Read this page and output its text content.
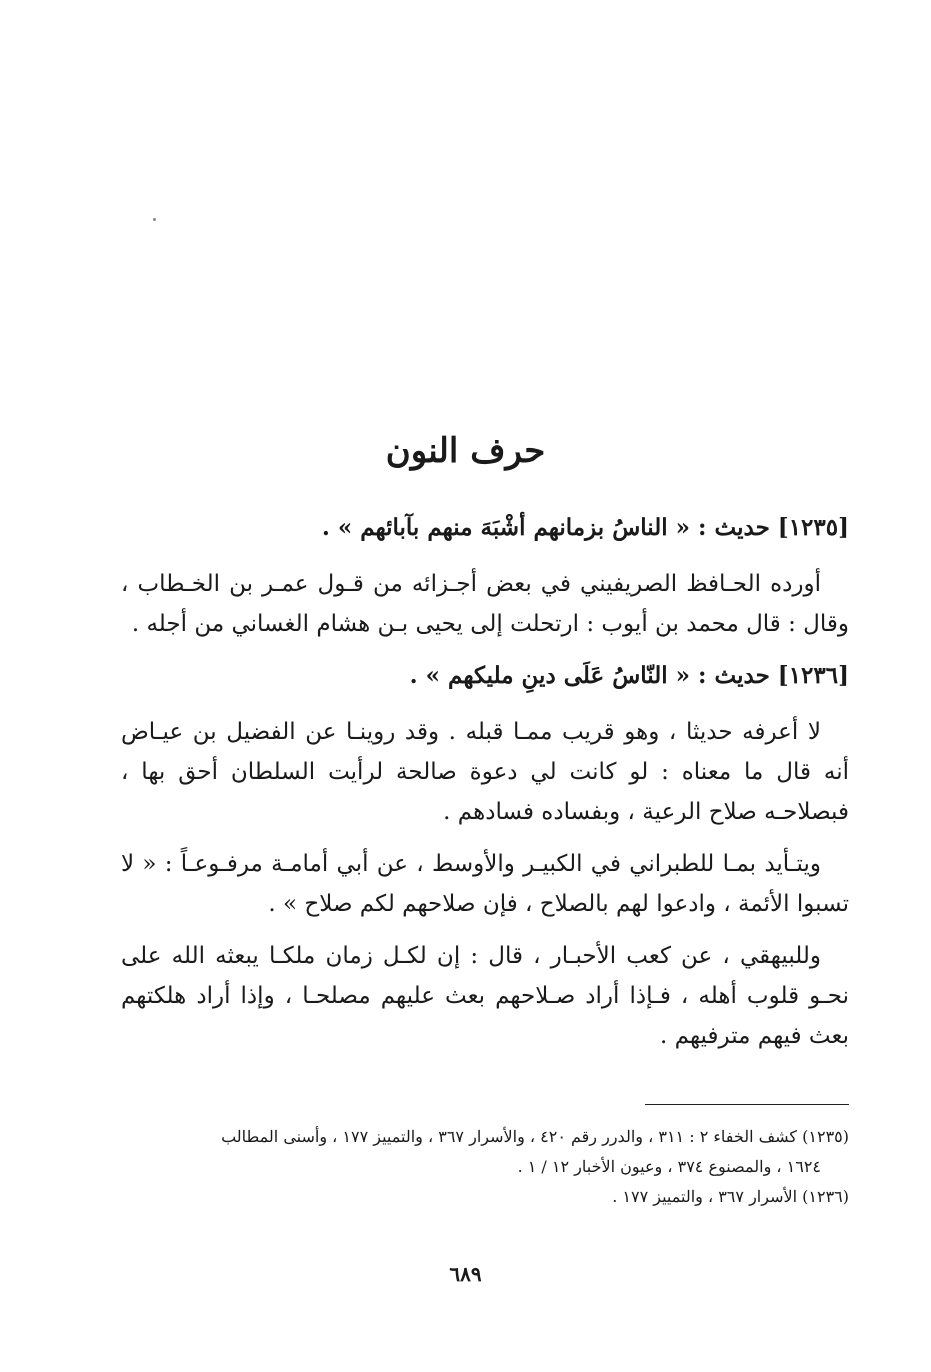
حرف النون
[١٢٣٥] حديث : « الناسُ بزمانهم أشْبَهَ منهم بآبائهم » .

أورده الحـافظ الصريفيني في بعض أجـزائه من قـول عمـر بن الخـطاب ، وقال : قال محمد بن أيوب : ارتحلت إلى يحيى بـن هشام الغساني من أجله .

[١٢٣٦] حديث : « النّاسُ عَلَى دينِ مليكهم » .

لا أعرفه حديثا ، وهو قريب ممـا قبله . وقد روينـا عن الفضيل بن عيـاض أنه قال ما معناه : لو كانت لي دعوة صالحة لرأيت السلطان أحق بها ، فبصلاحـه صلاح الرعية ، وبفساده فسادهم .

ويتـأيد بمـا للطبراني في الكبيـر والأوسط ، عن أبي أمامـة مرفـوعـاً : « لا تسبوا الأئمة ، وادعوا لهم بالصلاح ، فإن صلاحهم لكم صلاح » .

وللبيهقي ، عن كعب الأحبـار ، قال : إن لكـل زمان ملكـا يبعثه الله على نحـو قلوب أهله ، فـإذا أراد صـلاحهم بعث عليهم مصلحـا ، وإذا أراد هلكتهم بعث فيهم مترفيهم .

(١٢٣٥) كشف الخفاء ٢ : ٣١١ ، والدرر رقم ٤٢٠ ، والأسرار ٣٦٧ ، والتمييز ١٧٧ ، وأسنى المطالب

١٦٢٤ ، والمصنوع ٣٧٤ ، وعيون الأخبار ١٢ / ١ .

(١٢٣٦) الأسرار ٣٦٧ ، والتمييز ١٧٧ .

٦٨٩
